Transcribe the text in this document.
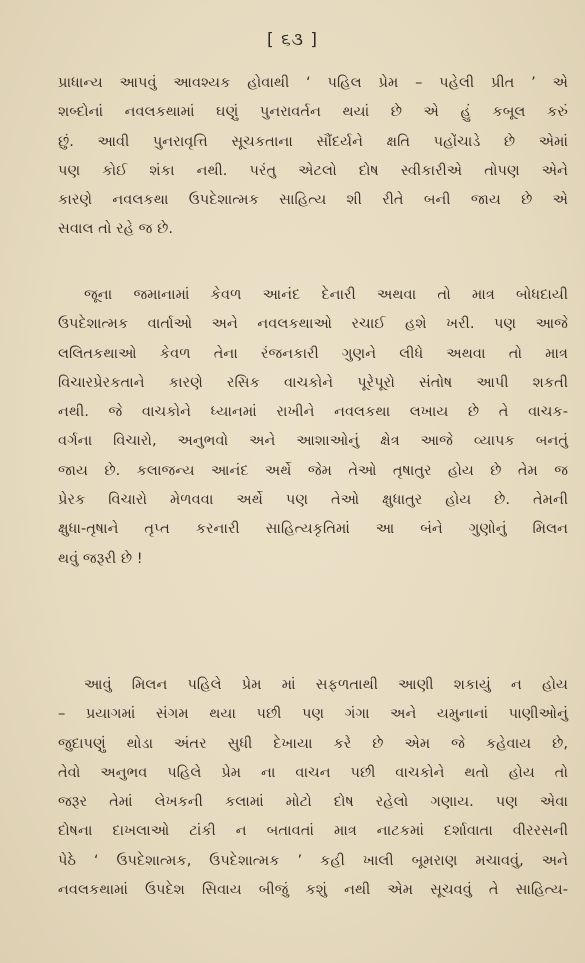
[ ૬૩ ]
પ્રાધાન્ય આપવું આવશ્યક હોવાથી ‘ પહિલ પ્રેમ – પહેલી પ્રીત ’ એ
શબ્દોનાં નવલકથામાં ઘણું પુનરાવર્તન થયાં છે એ હું કબૂલ કરું
છું. આવી પુનરાવૃત્તિ સૂચકતાના સૌંદર્યને ક્ષતિ પહોંચાડે છે એમાં
પણ કોઈ શંકા નથી. પરંતુ એટલો દોષ સ્વીકારીએ તોપણ એને
કારણે નવલકથા ઉપદેશાત્મક સાહિત્ય શી રીતે બની જાય છે એ
સવાલ તો રહે જ છે.
જૂના જમાનામાં કેવળ આનંદ દેનારી અથવા તો માત્ર બોધદાયી
ઉપદેશાત્મક વાર્તાઓ અને નવલકથાઓ રચાઈ હશે ખરી. પણ આજે
લલિતકથાઓ કેવળ તેના રંજનકારી ગુણને લીધે અથવા તો માત્ર
વિચારપ્રેરકતાને કારણે રસિક વાચકોને પૂરેપૂરો સંતોષ આપી શકતી
નથી. જે વાચકોને ધ્યાનમાં રાખીને નવલકથા લખાય છે તે વાચક-
વર્ગના વિચારો, અનુભવો અને આશાઓનું ક્ષેત્ર આજે વ્યાપક બનતું
જાય છે. કલાજન્ય આનંદ અર્થે જેમ તેઓ તૃષાતુર હોય છે તેમ જ
પ્રેરક વિચારો મેળવવા અર્થે પણ તેઓ ક્ષુધાતુર હોય છે. તેમની
ક્ષુધા-તૃષાને તૃપ્ત કરનારી સાહિત્યકૃતિમાં આ બંને ગુણોનું મિલન
થવું જરૂરી છે !
આવું મિલન પહિલે પ્રેમ માં સફળતાથી આણી શકાયું ન હોય
– પ્રયાગમાં સંગમ થયા પછી પણ ગંગા અને યમુનાનાં પાણીઓનું
જુદાપણું થોડા અંતર સુધી દેખાયા કરે છે એમ જે કહેવાય છે,
તેવો અનુભવ પહિલે પ્રેમ ના વાચન પછી વાચકોને થતો હોય તો
જરૂર તેમાં લેખકની કલામાં મોટો દોષ રહેલો ગણાય. પણ એવા
દોષના દાખલાઓ ટાંકી ન બતાવતાં માત્ર નાટકમાં દર્શાવાતા વીરરસની
પેઠે ‘ ઉપદેશાત્મક, ઉપદેશાત્મક ’ કહી ખાલી બૂમરાણ મચાવવું, અને
નવલકથામાં ઉપદેશ સિવાય બીજું કશું નથી એમ સૂચવવું તે સાહિત્ય-
